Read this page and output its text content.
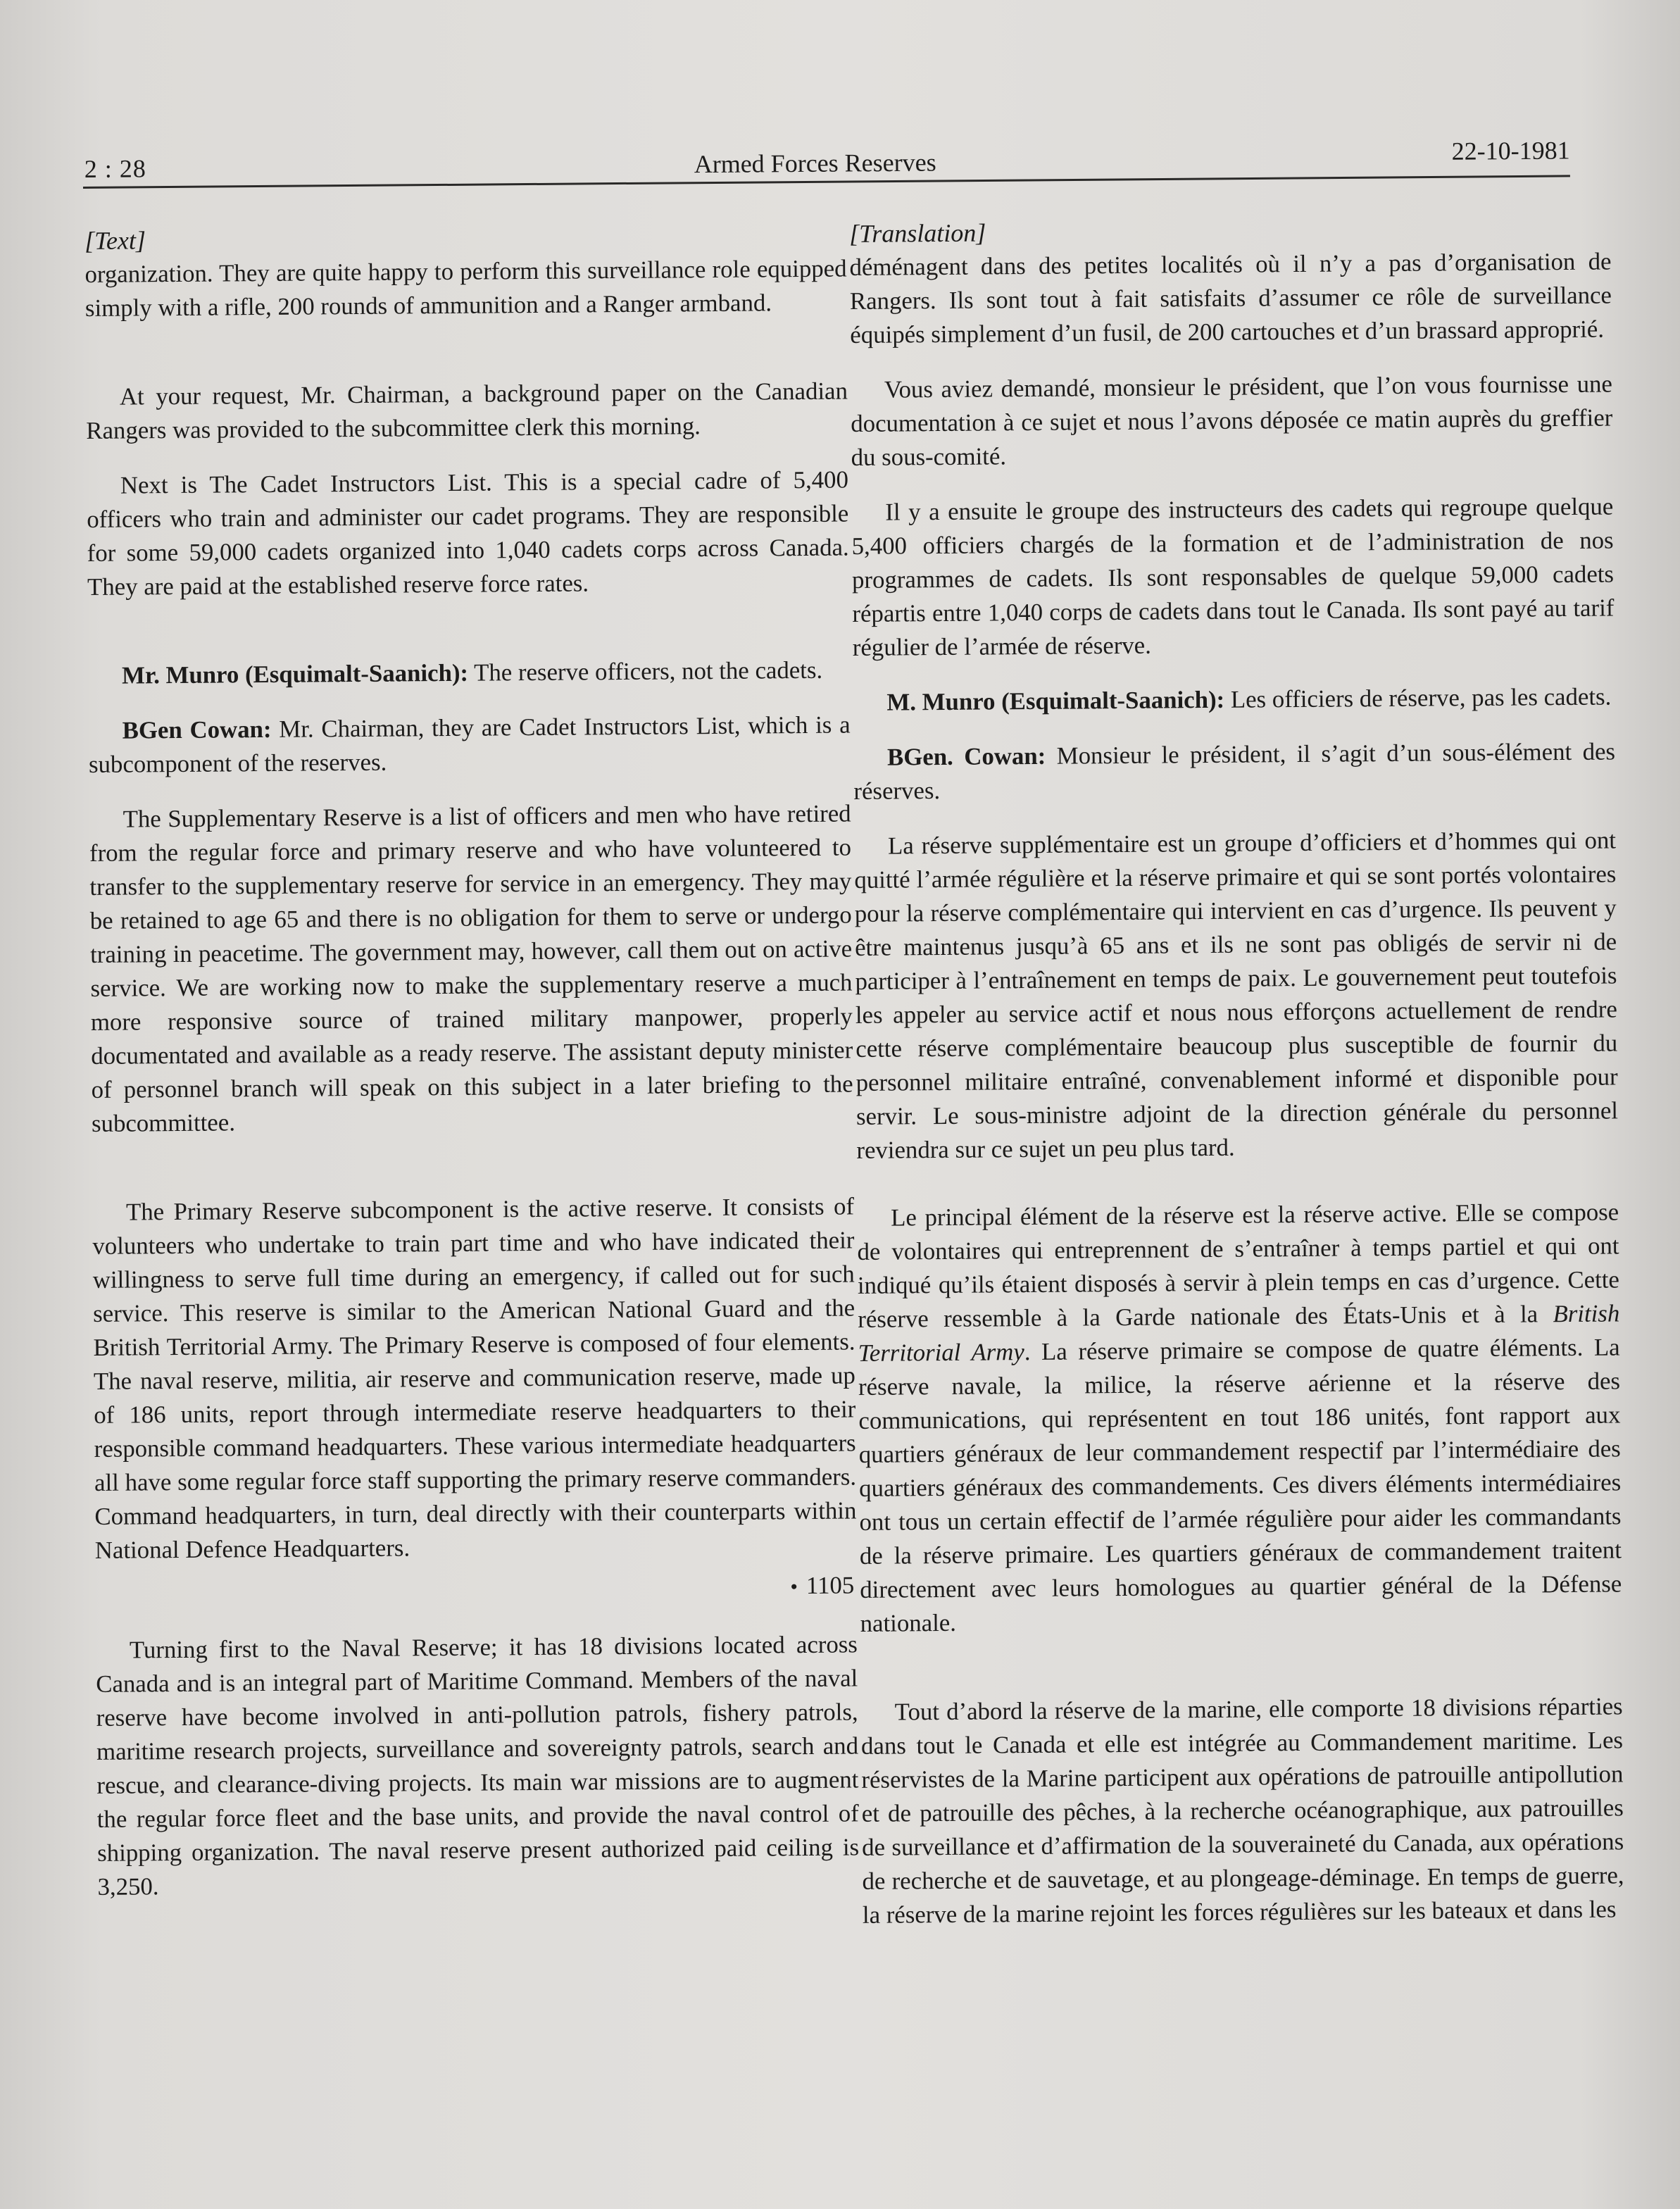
2 : 28	Armed Forces Reserves	22-10-1981
[Text]

organization. They are quite happy to perform this surveillance role equipped simply with a rifle, 200 rounds of ammunition and a Ranger armband.

At your request, Mr. Chairman, a background paper on the Canadian Rangers was provided to the subcommittee clerk this morning.

Next is The Cadet Instructors List. This is a special cadre of 5,400 officers who train and administer our cadet programs. They are responsible for some 59,000 cadets organized into 1,040 cadets corps across Canada. They are paid at the established reserve force rates.

Mr. Munro (Esquimalt-Saanich): The reserve officers, not the cadets.

BGen Cowan: Mr. Chairman, they are Cadet Instructors List, which is a subcomponent of the reserves.

The Supplementary Reserve is a list of officers and men who have retired from the regular force and primary reserve and who have volunteered to transfer to the supplementary reserve for service in an emergency. They may be retained to age 65 and there is no obligation for them to serve or undergo training in peacetime. The government may, however, call them out on active service. We are working now to make the supplementary reserve a much more responsive source of trained military manpower, properly documentated and available as a ready reserve. The assistant deputy minister of personnel branch will speak on this subject in a later briefing to the subcommittee.

The Primary Reserve subcomponent is the active reserve. It consists of volunteers who undertake to train part time and who have indicated their willingness to serve full time during an emergency, if called out for such service. This reserve is similar to the American National Guard and the British Territorial Army. The Primary Reserve is composed of four elements. The naval reserve, militia, air reserve and communication reserve, made up of 186 units, report through intermediate reserve headquarters to their responsible command headquarters. These various intermediate headquarters all have some regular force staff supporting the primary reserve commanders. Command headquarters, in turn, deal directly with their counterparts within National Defence Headquarters.

• 1105

Turning first to the Naval Reserve; it has 18 divisions located across Canada and is an integral part of Maritime Command. Members of the naval reserve have become involved in anti-pollution patrols, fishery patrols, maritime research projects, surveillance and sovereignty patrols, search and rescue, and clearance-diving projects. Its main war missions are to augment the regular force fleet and the base units, and provide the naval control of shipping organization. The naval reserve present authorized paid ceiling is 3,250.

[Translation]

déménagent dans des petites localités où il n’y a pas d’organisation de Rangers. Ils sont tout à fait satisfaits d’assumer ce rôle de surveillance équipés simplement d’un fusil, de 200 cartouches et d’un brassard approprié.

Vous aviez demandé, monsieur le président, que l’on vous fournisse une documentation à ce sujet et nous l’avons déposée ce matin auprès du greffier du sous-comité.

Il y a ensuite le groupe des instructeurs des cadets qui regroupe quelque 5,400 officiers chargés de la formation et de l’administration de nos programmes de cadets. Ils sont responsables de quelque 59,000 cadets répartis entre 1,040 corps de cadets dans tout le Canada. Ils sont payé au tarif régulier de l’armée de réserve.

M. Munro (Esquimalt-Saanich): Les officiers de réserve, pas les cadets.

BGen. Cowan: Monsieur le président, il s’agit d’un sous-élément des réserves.

La réserve supplémentaire est un groupe d’officiers et d’hommes qui ont quitté l’armée régulière et la réserve primaire et qui se sont portés volontaires pour la réserve complémentaire qui intervient en cas d’urgence. Ils peuvent y être maintenus jusqu’à 65 ans et ils ne sont pas obligés de servir ni de participer à l’entraînement en temps de paix. Le gouvernement peut toutefois les appeler au service actif et nous nous efforçons actuellement de rendre cette réserve complémentaire beaucoup plus susceptible de fournir du personnel militaire entraîné, convenablement informé et disponible pour servir. Le sous-ministre adjoint de la direction générale du personnel reviendra sur ce sujet un peu plus tard.

Le principal élément de la réserve est la réserve active. Elle se compose de volontaires qui entreprennent de s’entraîner à temps partiel et qui ont indiqué qu’ils étaient disposés à servir à plein temps en cas d’urgence. Cette réserve ressemble à la Garde nationale des États-Unis et à la British Territorial Army. La réserve primaire se compose de quatre éléments. La réserve navale, la milice, la réserve aérienne et la réserve des communications, qui représentent en tout 186 unités, font rapport aux quartiers généraux de leur commandement respectif par l’intermédiaire des quartiers généraux des commandements. Ces divers éléments intermédiaires ont tous un certain effectif de l’armée régulière pour aider les commandants de la réserve primaire. Les quartiers généraux de commandement traitent directement avec leurs homologues au quartier général de la Défense nationale.

Tout d’abord la réserve de la marine, elle comporte 18 divisions réparties dans tout le Canada et elle est intégrée au Commandement maritime. Les réservistes de la Marine participent aux opérations de patrouille antipollution et de patrouille des pêches, à la recherche océanographique, aux patrouilles de surveillance et d’affirmation de la souveraineté du Canada, aux opérations de recherche et de sauvetage, et au plongeage-déminage. En temps de guerre, la réserve de la marine rejoint les forces régulières sur les bateaux et dans les
